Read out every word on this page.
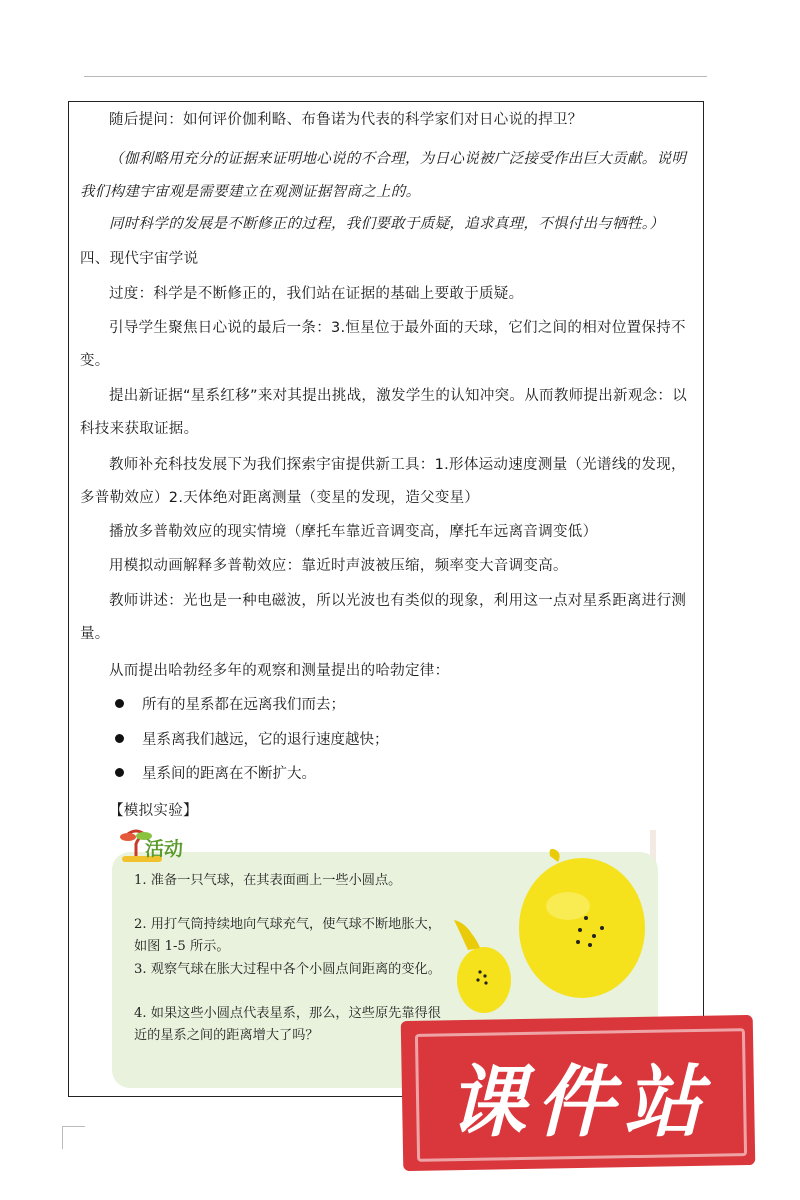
随后提问：如何评价伽利略、布鲁诺为代表的科学家们对日心说的捍卫？

（伽利略用充分的证据来证明地心说的不合理，为日心说被广泛接受作出巨大贡献。说明我们构建宇宙观是需要建立在观测证据智商之上的。

同时科学的发展是不断修正的过程，我们要敢于质疑，追求真理，不惧付出与牺牲。）

四、现代宇宙学说

过度：科学是不断修正的，我们站在证据的基础上要敢于质疑。

引导学生聚焦日心说的最后一条：3.恒星位于最外面的天球，它们之间的相对位置保持不变。

提出新证据“星系红移”来对其提出挑战，激发学生的认知冲突。从而教师提出新观念：以科技来获取证据。

教师补充科技发展下为我们探索宇宙提供新工具：1.形体运动速度测量（光谱线的发现，多普勒效应）2.天体绝对距离测量（变星的发现，造父变星）

播放多普勒效应的现实情境（摩托车靠近音调变高，摩托车远离音调变低）

用模拟动画解释多普勒效应：靠近时声波被压缩，频率变大音调变高。

教师讲述：光也是一种电磁波，所以光波也有类似的现象，利用这一点对星系距离进行测量。

从而提出哈勃经多年的观察和测量提出的哈勃定律：

所有的星系都在远离我们而去；
星系离我们越远，它的退行速度越快；
星系间的距离在不断扩大。

【模拟实验】

活动

1. 准备一只气球，在其表面画上一些小圆点。

2. 用打气筒持续地向气球充气，使气球不断地胀大，如图 1-5 所示。

3. 观察气球在胀大过程中各个小圆点间距离的变化。

4. 如果这些小圆点代表星系，那么，这些原先靠得很近的星系之间的距离增大了吗？

课件站
